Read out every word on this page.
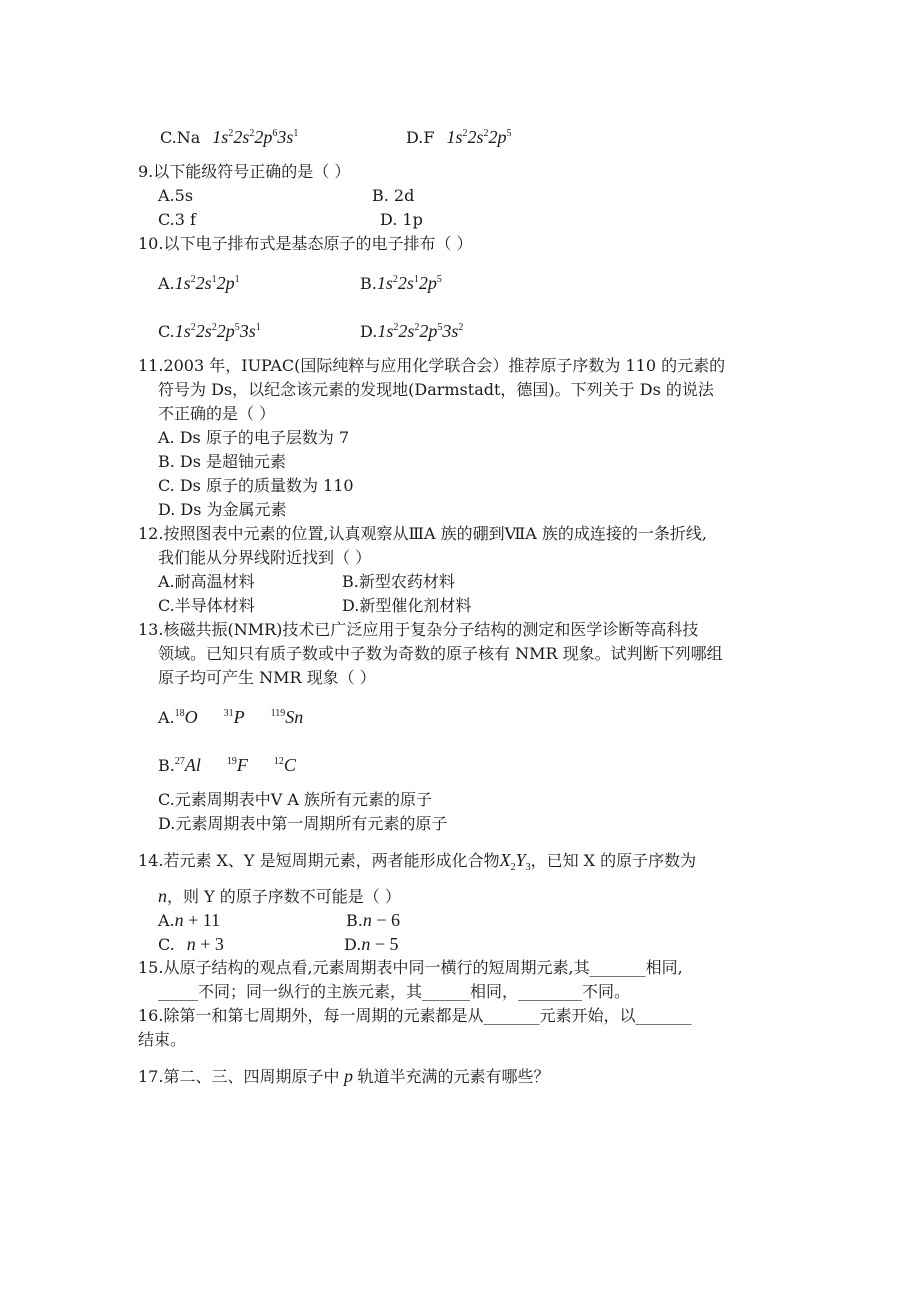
C.Na $1s^22s^22p^63s^1$	D.F $1s^22s^22p^5$
9.以下能级符号正确的是（ ）
A.5s	B. 2d
C.3 f	D. 1p
10.以下电子排布式是基态原子的电子排布（ ）
$A.1s^22s^12p^1$	$B.1s^22s^12p^5$
$C.1s^22s^22p^53s^1$	$D.1s^22s^22p^53s^2$
11.2003 年，IUPAC(国际纯粹与应用化学联合会）推荐原子序数为 110 的元素的
符号为 Ds，以纪念该元素的发现地(Darmstadt，德国)。下列关于 Ds 的说法
不正确的是（ ）
A. Ds 原子的电子层数为 7
B. Ds 是超铀元素
C. Ds 原子的质量数为 110
D. Ds 为金属元素
12.按照图表中元素的位置,认真观察从ⅢA 族的硼到ⅦA 族的成连接的一条折线,
我们能从分界线附近找到（ ）
A.耐高温材料	B.新型农药材料
C.半导体材料	D.新型催化剂材料
13.核磁共振(NMR)技术已广泛应用于复杂分子结构的测定和医学诊断等高科技
领域。已知只有质子数或中子数为奇数的原子核有 NMR 现象。试判断下列哪组
原子均可产生 NMR 现象（ ）
A.$^{18}$O	$^{31}$P	$^{119}$Sn
B.$^{27}$Al	$^{19}$F	$^{12}$C
C.元素周期表中Ⅴ A 族所有元素的原子
D.元素周期表中第一周期所有元素的原子
14.若元素 X、Y 是短周期元素，两者能形成化合物$X_2Y_3$，已知 X 的原子序数为
n，则 Y 的原子序数不可能是（ ）
A.n + 11	B.n − 6
C. n + 3	D.n − 5
15.从原子结构的观点看,元素周期表中同一横行的短周期元素,其_______相同,
_____不同；同一纵行的主族元素，其______相同，________不同。
16.除第一和第七周期外，每一周期的元素都是从_______元素开始，以_______
结束。
17.第二、三、四周期原子中 p 轨道半充满的元素有哪些？
